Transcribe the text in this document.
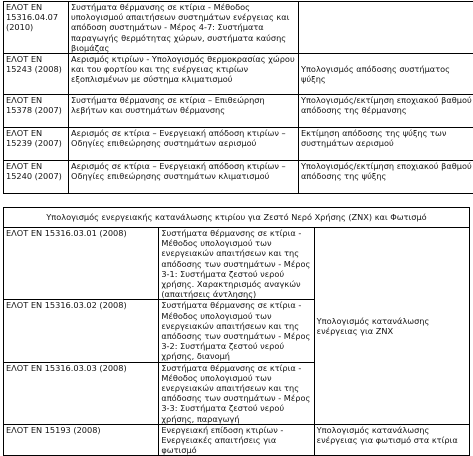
ΕΛΟΤ ΕΝ 15316.04.07 (2010)	Συστήματα θέρμανσης σε κτίρια - Μέθοδος υπολογισμού απαιτήσεων συστημάτων ενέργειας και απόδοση συστημάτων - Μέρος 4-7: Συστήματα παραγωγής θερμότητας χώρων, συστήματα καύσης βιομάζας	
ΕΛΟΤ ΕΝ 15243 (2008)	Αερισμός κτιρίων - Υπολογισμός θερμοκρασίας χώρου και του φορτίου και της ενέργειας κτιρίων εξοπλισμένων με σύστημα κλιματισμού	Υπολογισμός απόδοσης συστήματος ψύξης
ΕΛΟΤ ΕΝ 15378 (2007)	Συστήματα θέρμανσης σε κτίρια – Επιθεώρηση λεβήτων και συστημάτων θέρμανσης	Υπολογισμός/εκτίμηση εποχιακού βαθμού απόδοσης της θέρμανσης
ΕΛΟΤ ΕΝ 15239 (2007)	Αερισμός σε κτίρια – Ενεργειακή απόδοση κτιρίων – Οδηγίες επιθεώρησης συστημάτων αερισμού	Εκτίμηση απόδοσης της ψύξης των συστημάτων αερισμού
ΕΛΟΤ ΕΝ 15240 (2007)	Αερισμός σε κτίρια – Ενεργειακή απόδοση κτιρίων – Οδηγίες επιθεώρησης συστημάτων κλιματισμού	Υπολογισμός/εκτίμηση εποχιακού βαθμού απόδοσης της ψύξης
Υπολογισμός ενεργειακής κατανάλωσης κτιρίου για Ζεστό Νερό Χρήσης (ΖΝΧ) και Φωτισμό		
ΕΛΟΤ ΕΝ 15316.03.01 (2008)	Συστήματα θέρμανσης σε κτίρια - Μέθοδος υπολογισμού των ενεργειακών απαιτήσεων και της απόδοσης των συστημάτων - Μέρος 3-1: Συστήματα ζεστού νερού χρήσης. Χαρακτηρισμός αναγκών (απαιτήσεις άντλησης)	Υπολογισμός κατανάλωσης ενέργειας για ΖΝΧ
ΕΛΟΤ ΕΝ 15316.03.02 (2008)	Συστήματα θέρμανσης σε κτίρια - Μέθοδος υπολογισμού των ενεργειακών απαιτήσεων και της απόδοσης των συστημάτων - Μέρος 3-2: Συστήματα ζεστού νερού χρήσης, διανομή	
ΕΛΟΤ ΕΝ 15316.03.03 (2008)	Συστήματα θέρμανσης σε κτίρια - Μέθοδος υπολογισμού των ενεργειακών απαιτήσεων και της απόδοσης των συστημάτων - Μέρος 3-3: Συστήματα ζεστού νερού χρήσης, παραγωγή	
ΕΛΟΤ ΕΝ 15193 (2008)	Ενεργειακή επίδοση κτιρίων - Ενεργειακές απαιτήσεις για φωτισμό	Υπολογισμός κατανάλωσης ενέργειας για φωτισμό στα κτίρια
